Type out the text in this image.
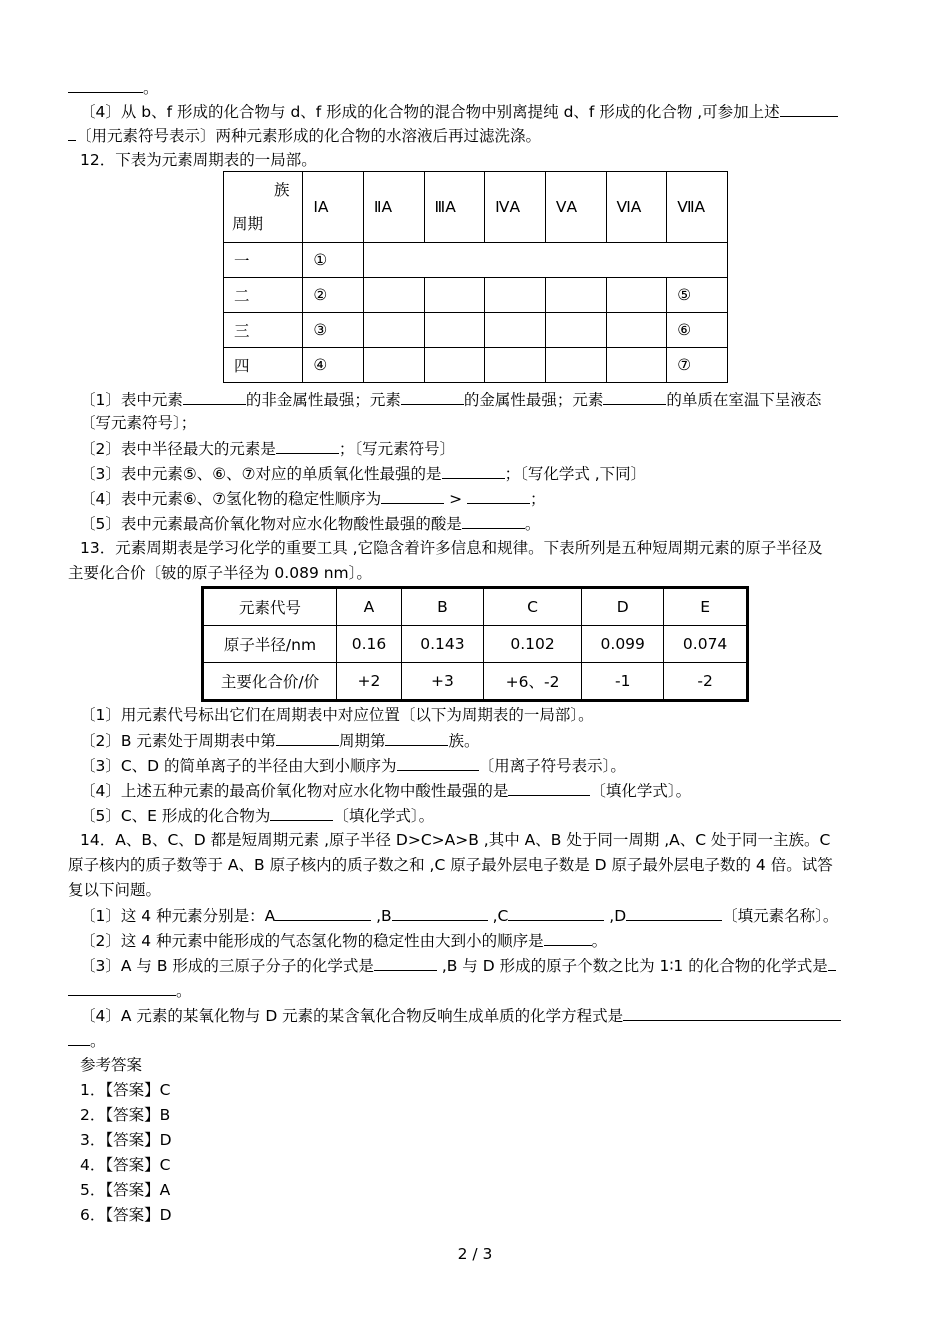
。
〔4〕从 b、f 形成的化合物与 d、f 形成的化合物的混合物中别离提纯 d、f 形成的化合物 ,可参加上述
〔用元素符号表示〕两种元素形成的化合物的水溶液后再过滤洗涤。
12．下表为元素周期表的一局部。
族
周期	ⅠA	ⅡA	ⅢA	ⅣA	ⅤA	ⅥA	ⅦA
一	①						
二	②						⑤
三	③						⑥
四	④						⑦
〔1〕表中元素	的非金属性最强；元素	的金属性最强；元素	的单质在室温下呈液态
〔写元素符号〕；
〔2〕表中半径最大的元素是	；〔写元素符号〕
〔3〕表中元素⑤、⑥、⑦对应的单质氧化性最强的是	；〔写化学式 ,下同〕
〔4〕表中元素⑥、⑦氢化物的稳定性顺序为	>	；
〔5〕表中元素最高价氧化物对应水化物酸性最强的酸是	。
13．元素周期表是学习化学的重要工具 ,它隐含着许多信息和规律。下表所列是五种短周期元素的原子半径及
主要化合价〔铍的原子半径为 0.089 nm〕。
元素代号	A	B	C	D	E
原子半径/nm	0.16	0.143	0.102	0.099	0.074
主要化合价/价	+2	+3	+6、-2	-1	-2
〔1〕用元素代号标出它们在周期表中对应位置〔以下为周期表的一局部〕。
〔2〕B 元素处于周期表中第	周期第	族。
〔3〕C、D 的简单离子的半径由大到小顺序为	〔用离子符号表示〕。
〔4〕上述五种元素的最高价氧化物对应水化物中酸性最强的是	〔填化学式〕。
〔5〕C、E 形成的化合物为	〔填化学式〕。
14．A、B、C、D 都是短周期元素 ,原子半径 D>C>A>B ,其中 A、B 处于同一周期 ,A、C 处于同一主族。C
原子核内的质子数等于 A、B 原子核内的质子数之和 ,C 原子最外层电子数是 D 原子最外层电子数的 4 倍。试答
复以下问题。
〔1〕这 4 种元素分别是：A	,B	,C	,D	〔填元素名称〕。
〔2〕这 4 种元素中能形成的气态氢化物的稳定性由大到小的顺序是	。
〔3〕A 与 B 形成的三原子分子的化学式是	,B 与 D 形成的原子个数之比为 1∶1 的化合物的化学式是
。
〔4〕A 元素的某氧化物与 D 元素的某含氧化合物反响生成单质的化学方程式是
。
参考答案
1．【答案】C
2．【答案】B
3．【答案】D
4．【答案】C
5．【答案】A
6．【答案】D
2 / 3
